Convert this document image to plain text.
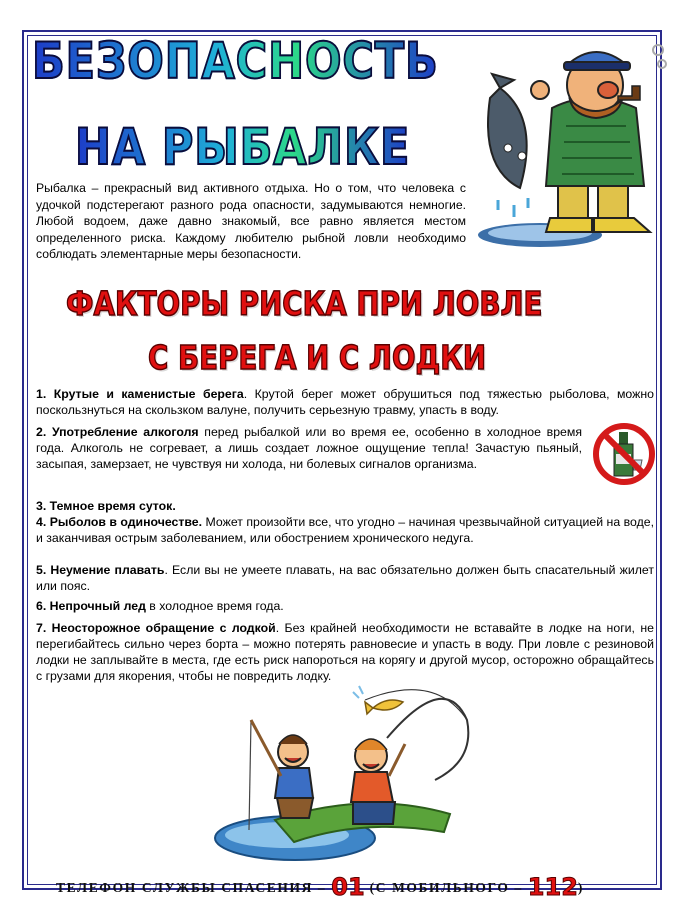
БЕЗОПАСНОСТЬ
НА РЫБАЛКЕ

Рыбалка – прекрасный вид активного отдыха. Но о том, что человека с удочкой подстерегают разного рода опасности, задумываются немногие. Любой водоем, даже давно знакомый, все равно является местом определенного риска. Каждому любителю рыбной ловли необходимо соблюдать элементарные меры безопасности.

ФАКТОРЫ РИСКА ПРИ ЛОВЛЕ
С БЕРЕГА И С ЛОДКИ

1. Крутые и каменистые берега. Крутой берег может обрушиться под тяжестью рыболова, можно поскользнуться на скользком валуне, получить серьезную травму, упасть в воду.

2. Употребление алкоголя перед рыбалкой или во время ее, особенно в холодное время года. Алкоголь не согревает, а лишь создает ложное ощущение тепла! Зачастую пьяный, засыпая, замерзает, не чувствуя ни холода, ни болевых сигналов организма.

3. Темное время суток.

4. Рыболов в одиночестве. Может произойти все, что угодно – начиная чрезвычайной ситуацией на воде, и заканчивая острым заболеванием, или обострением хронического недуга.

5. Неумение плавать. Если вы не умеете плавать, на вас обязательно должен быть спасательный жилет или пояс.

6. Непрочный лед в холодное время года.

7. Неосторожное обращение с лодкой. Без крайней необходимости не вставайте в лодке на ноги, не перегибайтесь сильно через борта – можно потерять равновесие и упасть в воду. При ловле с резиновой лодки не заплывайте в места, где есть риск напороться на корягу и другой мусор, осторожно обращайтесь с грузами для якорения, чтобы не повредить лодку.

ТЕЛЕФОН СЛУЖБЫ СПАСЕНИЯ – 01 (С МОБИЛЬНОГО – 112)
